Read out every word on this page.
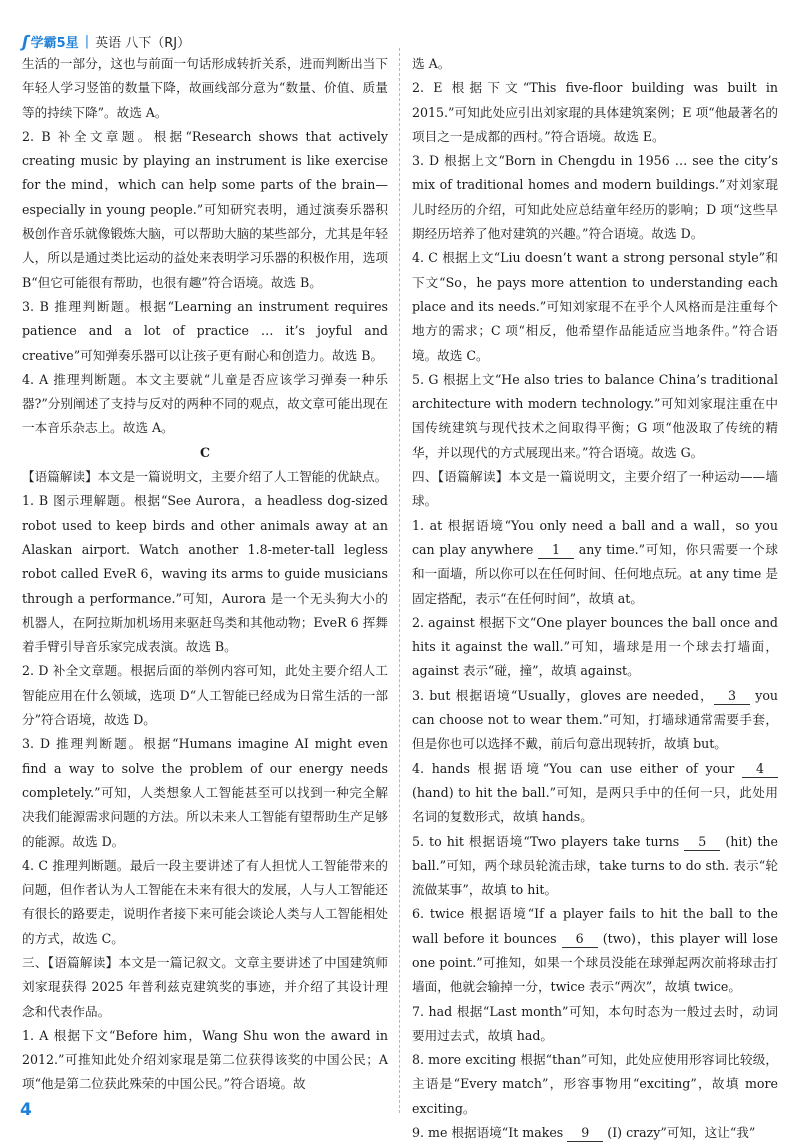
ʃ 学霸5星 | 英语 八下（RJ）

生活的一部分，这也与前面一句话形成转折关系，进而判断出当下年轻人学习竖笛的数量下降，故画线部分意为“数量、价值、质量等的持续下降”。故选 A。

2. B 补全文章题。根据“Research shows that actively creating music by playing an instrument is like exercise for the mind，which can help some parts of the brain—especially in young people.”可知研究表明，通过演奏乐器积极创作音乐就像锻炼大脑，可以帮助大脑的某些部分，尤其是年轻人，所以是通过类比运动的益处来表明学习乐器的积极作用，选项 B“但它可能很有帮助，也很有趣”符合语境。故选 B。

3. B 推理判断题。根据“Learning an instrument requires patience and a lot of practice … it’s joyful and creative”可知弹奏乐器可以让孩子更有耐心和创造力。故选 B。

4. A 推理判断题。本文主要就“儿童是否应该学习弹奏一种乐器?”分别阐述了支持与反对的两种不同的观点，故文章可能出现在一本音乐杂志上。故选 A。

C

【语篇解读】本文是一篇说明文，主要介绍了人工智能的优缺点。

1. B 图示理解题。根据“See Aurora，a headless dog-sized robot used to keep birds and other animals away at an Alaskan airport. Watch another 1.8-meter-tall legless robot called EveR 6，waving its arms to guide musicians through a performance.”可知，Aurora 是一个无头狗大小的机器人，在阿拉斯加机场用来驱赶鸟类和其他动物；EveR 6 挥舞着手臂引导音乐家完成表演。故选 B。

2. D 补全文章题。根据后面的举例内容可知，此处主要介绍人工智能应用在什么领域，选项 D“人工智能已经成为日常生活的一部分”符合语境，故选 D。

3. D 推理判断题。根据“Humans imagine AI might even find a way to solve the problem of our energy needs completely.”可知，人类想象人工智能甚至可以找到一种完全解决我们能源需求问题的方法。所以未来人工智能有望帮助生产足够的能源。故选 D。

4. C 推理判断题。最后一段主要讲述了有人担忧人工智能带来的问题，但作者认为人工智能在未来有很大的发展，人与人工智能还有很长的路要走，说明作者接下来可能会谈论人类与人工智能相处的方式，故选 C。

三、【语篇解读】本文是一篇记叙文。文章主要讲述了中国建筑师刘家琨获得 2025 年普利兹克建筑奖的事迹，并介绍了其设计理念和代表作品。

1. A 根据下文“Before him，Wang Shu won the award in 2012.”可推知此处介绍刘家琨是第二位获得该奖的中国公民；A 项“他是第二位获此殊荣的中国公民。”符合语境。故

选 A。

2. E 根据下文“This five-floor building was built in 2015.”可知此处应引出刘家琨的具体建筑案例；E 项“他最著名的项目之一是成都的西村。”符合语境。故选 E。

3. D 根据上文“Born in Chengdu in 1956 … see the city’s mix of traditional homes and modern buildings.”对刘家琨儿时经历的介绍，可知此处应总结童年经历的影响；D 项“这些早期经历培养了他对建筑的兴趣。”符合语境。故选 D。

4. C 根据上文“Liu doesn’t want a strong personal style”和下文“So，he pays more attention to understanding each place and its needs.”可知刘家琨不在乎个人风格而是注重每个地方的需求；C 项“相反，他希望作品能适应当地条件。”符合语境。故选 C。

5. G 根据上文“He also tries to balance China’s traditional architecture with modern technology.”可知刘家琨注重在中国传统建筑与现代技术之间取得平衡；G 项“他汲取了传统的精华，并以现代的方式展现出来。”符合语境。故选 G。

四、【语篇解读】本文是一篇说明文，主要介绍了一种运动——墙球。

1. at 根据语境“You only need a ball and a wall，so you can play anywhere 1 any time.”可知，你只需要一个球和一面墙，所以你可以在任何时间、任何地点玩。at any time 是固定搭配，表示“在任何时间”，故填 at。

2. against 根据下文“One player bounces the ball once and hits it against the wall.”可知，墙球是用一个球去打墙面，against 表示“碰，撞”，故填 against。

3. but 根据语境“Usually，gloves are needed， 3 you can choose not to wear them.”可知，打墙球通常需要手套，但是你也可以选择不戴，前后句意出现转折，故填 but。

4. hands 根据语境“You can use either of your 4 (hand) to hit the ball.”可知，是两只手中的任何一只，此处用名词的复数形式，故填 hands。

5. to hit 根据语境“Two players take turns 5 (hit) the ball.”可知，两个球员轮流击球，take turns to do sth. 表示“轮流做某事”，故填 to hit。

6. twice 根据语境“If a player fails to hit the ball to the wall before it bounces 6 (two)，this player will lose one point.”可推知，如果一个球员没能在球弹起两次前将球击打墙面，他就会输掉一分，twice 表示“两次”，故填 twice。

7. had 根据“Last month”可知，本句时态为一般过去时，动词要用过去式，故填 had。

8. more exciting 根据“than”可知，此处应使用形容词比较级，主语是“Every match”，形容事物用“exciting”，故填 more exciting。

9. me 根据语境“It makes 9 (I) crazy”可知，这让“我”

4
